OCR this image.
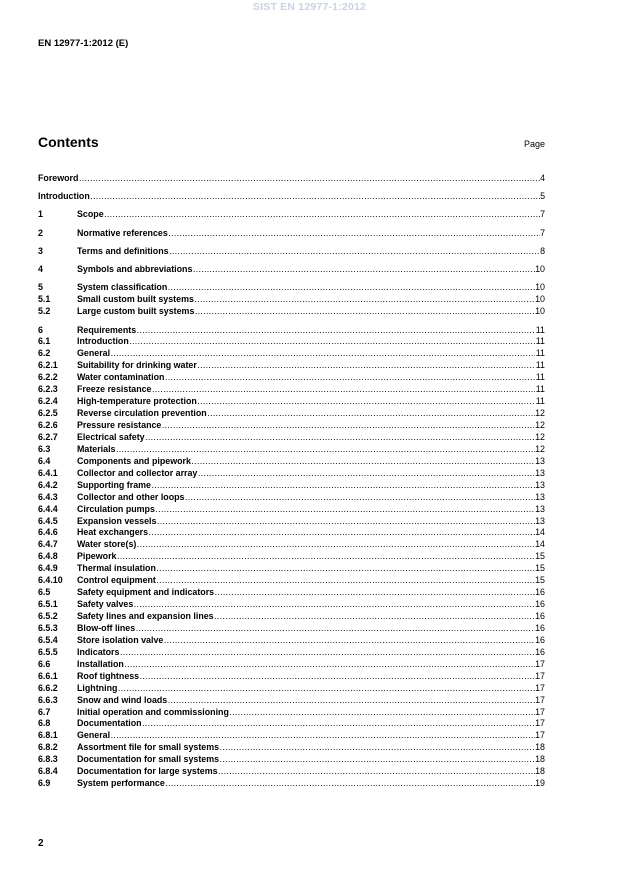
SIST EN 12977-1:2012
EN 12977-1:2012 (E)
Contents	Page
Foreword .....	4
Introduction .....	5
1	Scope .....	7
2	Normative references .....	7
3	Terms and definitions .....	8
4	Symbols and abbreviations .....	10
5	System classification .....	10
5.1	Small custom built systems .....	10
5.2	Large custom built systems .....	10
6	Requirements .....	11
6.1	Introduction .....	11
6.2	General .....	11
6.2.1	Suitability for drinking water .....	11
6.2.2	Water contamination .....	11
6.2.3	Freeze resistance .....	11
6.2.4	High-temperature protection .....	11
6.2.5	Reverse circulation prevention .....	12
6.2.6	Pressure resistance .....	12
6.2.7	Electrical safety .....	12
6.3	Materials .....	12
6.4	Components and pipework .....	13
6.4.1	Collector and collector array .....	13
6.4.2	Supporting frame .....	13
6.4.3	Collector and other loops .....	13
6.4.4	Circulation pumps .....	13
6.4.5	Expansion vessels .....	13
6.4.6	Heat exchangers .....	14
6.4.7	Water store(s) .....	14
6.4.8	Pipework .....	15
6.4.9	Thermal insulation .....	15
6.4.10	Control equipment .....	15
6.5	Safety equipment and indicators .....	16
6.5.1	Safety valves .....	16
6.5.2	Safety lines and expansion lines .....	16
6.5.3	Blow-off lines .....	16
6.5.4	Store isolation valve .....	16
6.5.5	Indicators .....	16
6.6	Installation .....	17
6.6.1	Roof tightness .....	17
6.6.2	Lightning .....	17
6.6.3	Snow and wind loads .....	17
6.7	Initial operation and commissioning .....	17
6.8	Documentation .....	17
6.8.1	General .....	17
6.8.2	Assortment file for small systems .....	18
6.8.3	Documentation for small systems .....	18
6.8.4	Documentation for large systems .....	18
6.9	System performance .....	19
2
